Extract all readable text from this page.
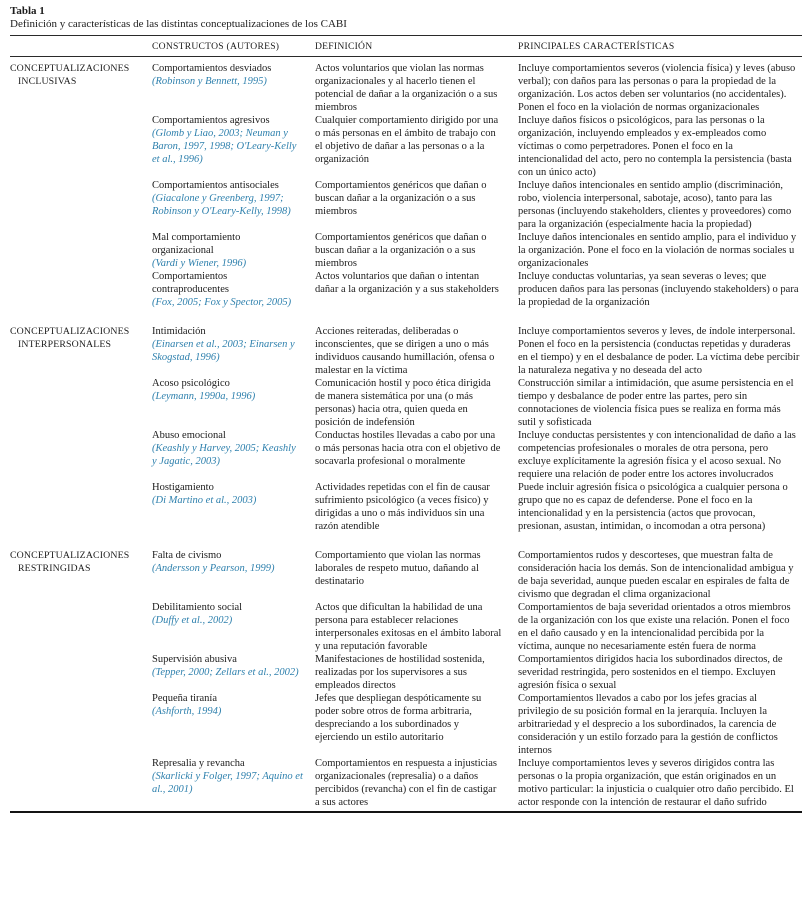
Tabla 1
Definición y características de las distintas conceptualizaciones de los CABI
CONSTRUCTOS (AUTORES)	DEFINICIÓN	PRINCIPALES CARACTERÍSTICAS
CONCEPTUALIZACIONES INCLUSIVAS
Comportamientos desviados
(Robinson y Bennett, 1995)
Actos voluntarios que violan las normas organizacionales y al hacerlo tienen el potencial de dañar a la organización o a sus miembros
Incluye comportamientos severos (violencia física) y leves (abuso verbal); con daños para las personas o para la propiedad de la organización. Los actos deben ser voluntarios (no accidentales). Ponen el foco en la violación de normas organizacionales
Comportamientos agresivos
(Glomb y Liao, 2003; Neuman y Baron, 1997, 1998; O'Leary-Kelly et al., 1996)
Cualquier comportamiento dirigido por una o más personas en el ámbito de trabajo con el objetivo de dañar a las personas o a la organización
Incluye daños físicos o psicológicos, para las personas o la organización, incluyendo empleados y ex-empleados como víctimas o como perpetradores. Ponen el foco en la intencionalidad del acto, pero no contempla la persistencia (basta con un único acto)
Comportamientos antisociales
(Giacalone y Greenberg, 1997; Robinson y O'Leary-Kelly, 1998)
Comportamientos genéricos que dañan o buscan dañar a la organización o a sus miembros
Incluye daños intencionales en sentido amplio (discriminación, robo, violencia interpersonal, sabotaje, acoso), tanto para las personas (incluyendo stakeholders, clientes y proveedores) como para la organización (especialmente hacia la propiedad)
Mal comportamiento organizacional
(Vardi y Wiener, 1996)
Comportamientos genéricos que dañan o buscan dañar a la organización o a sus miembros
Incluye daños intencionales en sentido amplio, para el individuo y la organización. Pone el foco en la violación de normas sociales u organizacionales
Comportamientos contraproducentes
(Fox, 2005; Fox y Spector, 2005)
Actos voluntarios que dañan o intentan dañar a la organización y a sus stakeholders
Incluye conductas voluntarias, ya sean severas o leves; que producen daños para las personas (incluyendo stakeholders) o para la propiedad de la organización
CONCEPTUALIZACIONES INTERPERSONALES
Intimidación
(Einarsen et al., 2003; Einarsen y Skogstad, 1996)
Acciones reiteradas, deliberadas o inconscientes, que se dirigen a uno o más individuos causando humillación, ofensa o malestar en la víctima
Incluye comportamientos severos y leves, de índole interpersonal. Ponen el foco en la persistencia (conductas repetidas y duraderas en el tiempo) y en el desbalance de poder. La víctima debe percibir la naturaleza negativa y no deseada del acto
Acoso psicológico
(Leymann, 1990a, 1996)
Comunicación hostil y poco ética dirigida de manera sistemática por una (o más personas) hacia otra, quien queda en posición de indefensión
Construcción similar a intimidación, que asume persistencia en el tiempo y desbalance de poder entre las partes, pero sin connotaciones de violencia física pues se realiza en forma más sutil y sofisticada
Abuso emocional
(Keashly y Harvey, 2005; Keashly y Jagatic, 2003)
Conductas hostiles llevadas a cabo por una o más personas hacia otra con el objetivo de socavarla profesional o moralmente
Incluye conductas persistentes y con intencionalidad de daño a las competencias profesionales o morales de otra persona, pero excluye explícitamente la agresión física y el acoso sexual. No requiere una relación de poder entre los actores involucrados
Hostigamiento
(Di Martino et al., 2003)
Actividades repetidas con el fin de causar sufrimiento psicológico (a veces físico) y dirigidas a uno o más individuos sin una razón atendible
Puede incluir agresión física o psicológica a cualquier persona o grupo que no es capaz de defenderse. Pone el foco en la intencionalidad y en la persistencia (actos que provocan, presionan, asustan, intimidan, o incomodan a otra persona)
CONCEPTUALIZACIONES RESTRINGIDAS
Falta de civismo
(Andersson y Pearson, 1999)
Comportamiento que violan las normas laborales de respeto mutuo, dañando al destinatario
Comportamientos rudos y descorteses, que muestran falta de consideración hacia los demás. Son de intencionalidad ambigua y de baja severidad, aunque pueden escalar en espirales de falta de civismo que degradan el clima organizacional
Debilitamiento social
(Duffy et al., 2002)
Actos que dificultan la habilidad de una persona para establecer relaciones interpersonales exitosas en el ámbito laboral y una reputación favorable
Comportamientos de baja severidad orientados a otros miembros de la organización con los que existe una relación. Ponen el foco en el daño causado y en la intencionalidad percibida por la víctima, aunque no necesariamente estén fuera de norma
Supervisión abusiva
(Tepper, 2000; Zellars et al., 2002)
Manifestaciones de hostilidad sostenida, realizadas por los supervisores a sus empleados directos
Comportamientos dirigidos hacia los subordinados directos, de severidad restringida, pero sostenidos en el tiempo. Excluyen agresión física o sexual
Pequeña tiranía
(Ashforth, 1994)
Jefes que despliegan despóticamente su poder sobre otros de forma arbitraria, despreciando a los subordinados y ejerciendo un estilo autoritario
Comportamientos llevados a cabo por los jefes gracias al privilegio de su posición formal en la jerarquía. Incluyen la arbitrariedad y el desprecio a los subordinados, la carencia de consideración y un estilo forzado para la gestión de conflictos internos
Represalia y revancha
(Skarlicki y Folger, 1997; Aquino et al., 2001)
Comportamientos en respuesta a injusticias organizacionales (represalia) o a daños percibidos (revancha) con el fin de castigar a sus actores
Incluye comportamientos leves y severos dirigidos contra las personas o la propia organización, que están originados en un motivo particular: la injusticia o cualquier otro daño percibido. El actor responde con la intención de restaurar el daño sufrido
